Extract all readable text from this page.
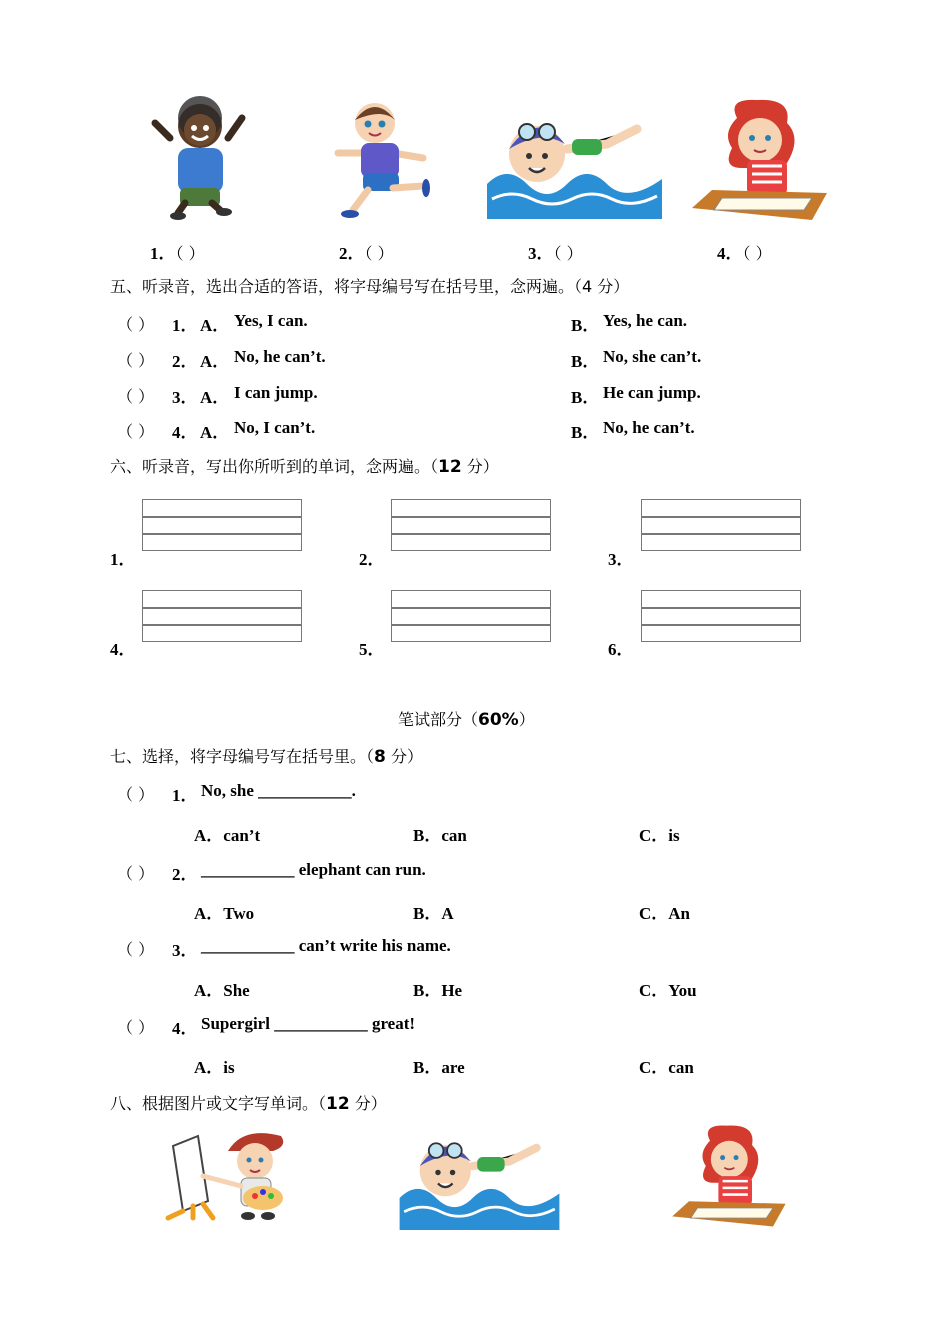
1．（ ）	2．（ ）	3．（ ）	4．（ ）
五、听录音，选出合适的答语，将字母编号写在括号里，念两遍。（4 分）
（ ） 1． A． Yes, I can.	B． Yes, he can.
（ ） 2． A． No, he can’t.	B． No, she can’t.
（ ） 3． A． I can jump.	B． He can jump.
（ ） 4． A． No, I can’t.	B． No, he can’t.
六、听录音，写出你所听到的单词，念两遍。（12 分）
1．	2．	3．
4．	5．	6．
笔试部分（60%）
七、选择，将字母编号写在括号里。（8 分）
（ ） 1． No, she ___________.
A．can’t	B．can	C．is
（ ） 2． ___________ elephant can run.
A．Two	B．A	C．An
（ ） 3． ___________ can’t write his name.
A．She	B．He	C．You
（ ） 4． Supergirl ___________ great!
A．is	B．are	C．can
八、根据图片或文字写单词。（12 分）
